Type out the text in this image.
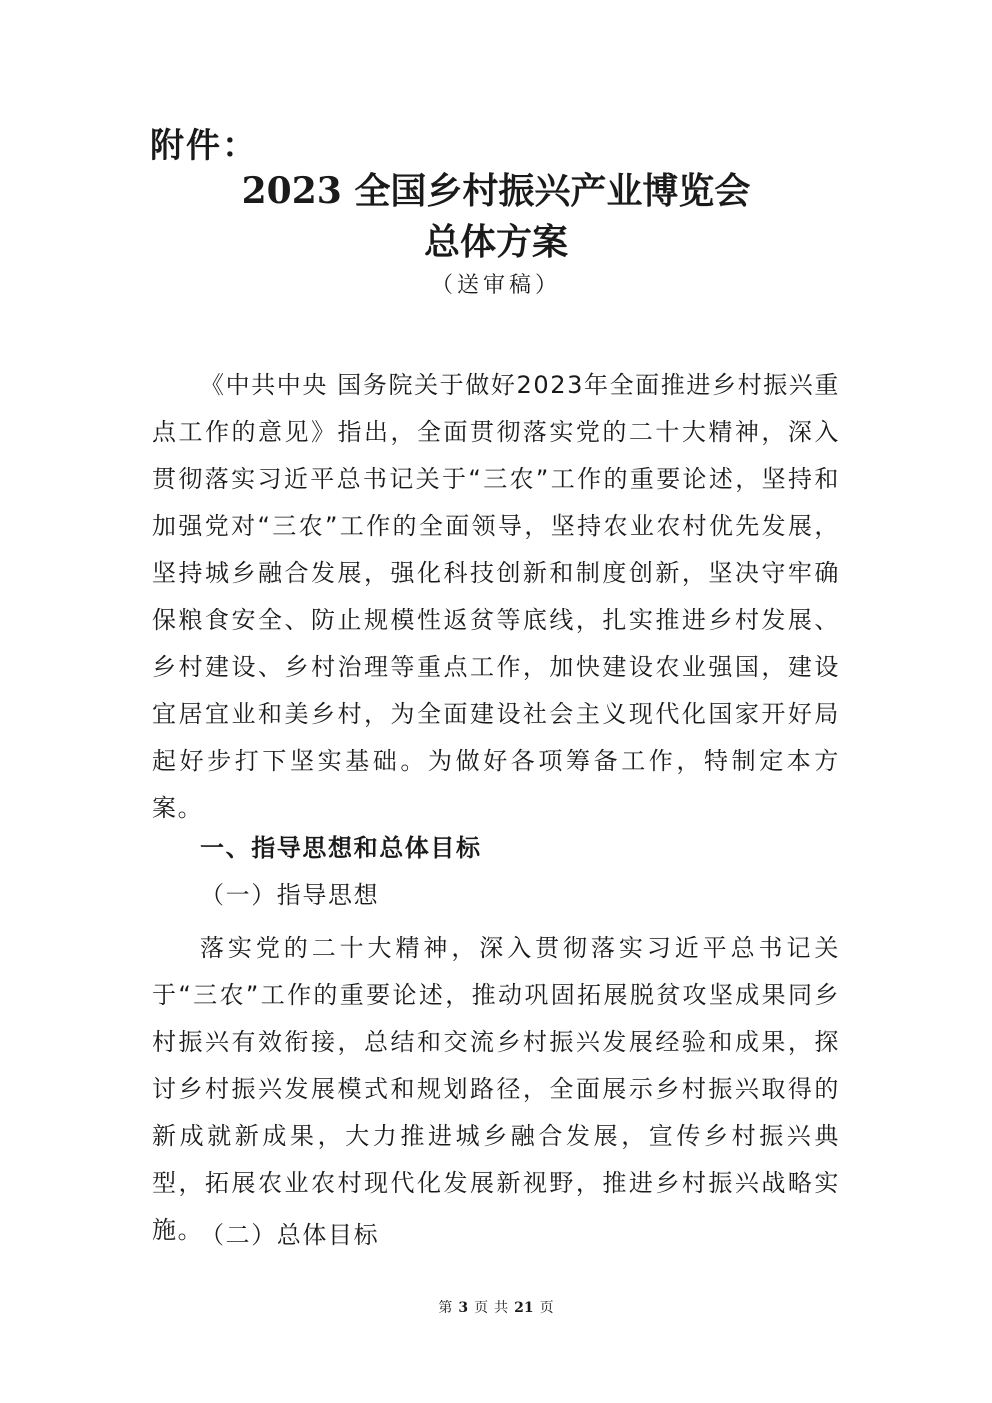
附件：
2023 全国乡村振兴产业博览会
总体方案
（送审稿）
《中共中央 国务院关于做好2023年全面推进乡村振兴重点工作的意见》指出，全面贯彻落实党的二十大精神，深入贯彻落实习近平总书记关于“三农”工作的重要论述，坚持和加强党对“三农”工作的全面领导，坚持农业农村优先发展，坚持城乡融合发展，强化科技创新和制度创新，坚决守牢确保粮食安全、防止规模性返贫等底线，扎实推进乡村发展、乡村建设、乡村治理等重点工作，加快建设农业强国，建设宜居宜业和美乡村，为全面建设社会主义现代化国家开好局起好步打下坚实基础。为做好各项筹备工作，特制定本方案。
一、指导思想和总体目标
（一）指导思想
落实党的二十大精神，深入贯彻落实习近平总书记关于“三农”工作的重要论述，推动巩固拓展脱贫攻坚成果同乡村振兴有效衔接，总结和交流乡村振兴发展经验和成果，探讨乡村振兴发展模式和规划路径，全面展示乡村振兴取得的新成就新成果，大力推进城乡融合发展，宣传乡村振兴典型，拓展农业农村现代化发展新视野，推进乡村振兴战略实施。
（二）总体目标
第 3 页 共 21 页
